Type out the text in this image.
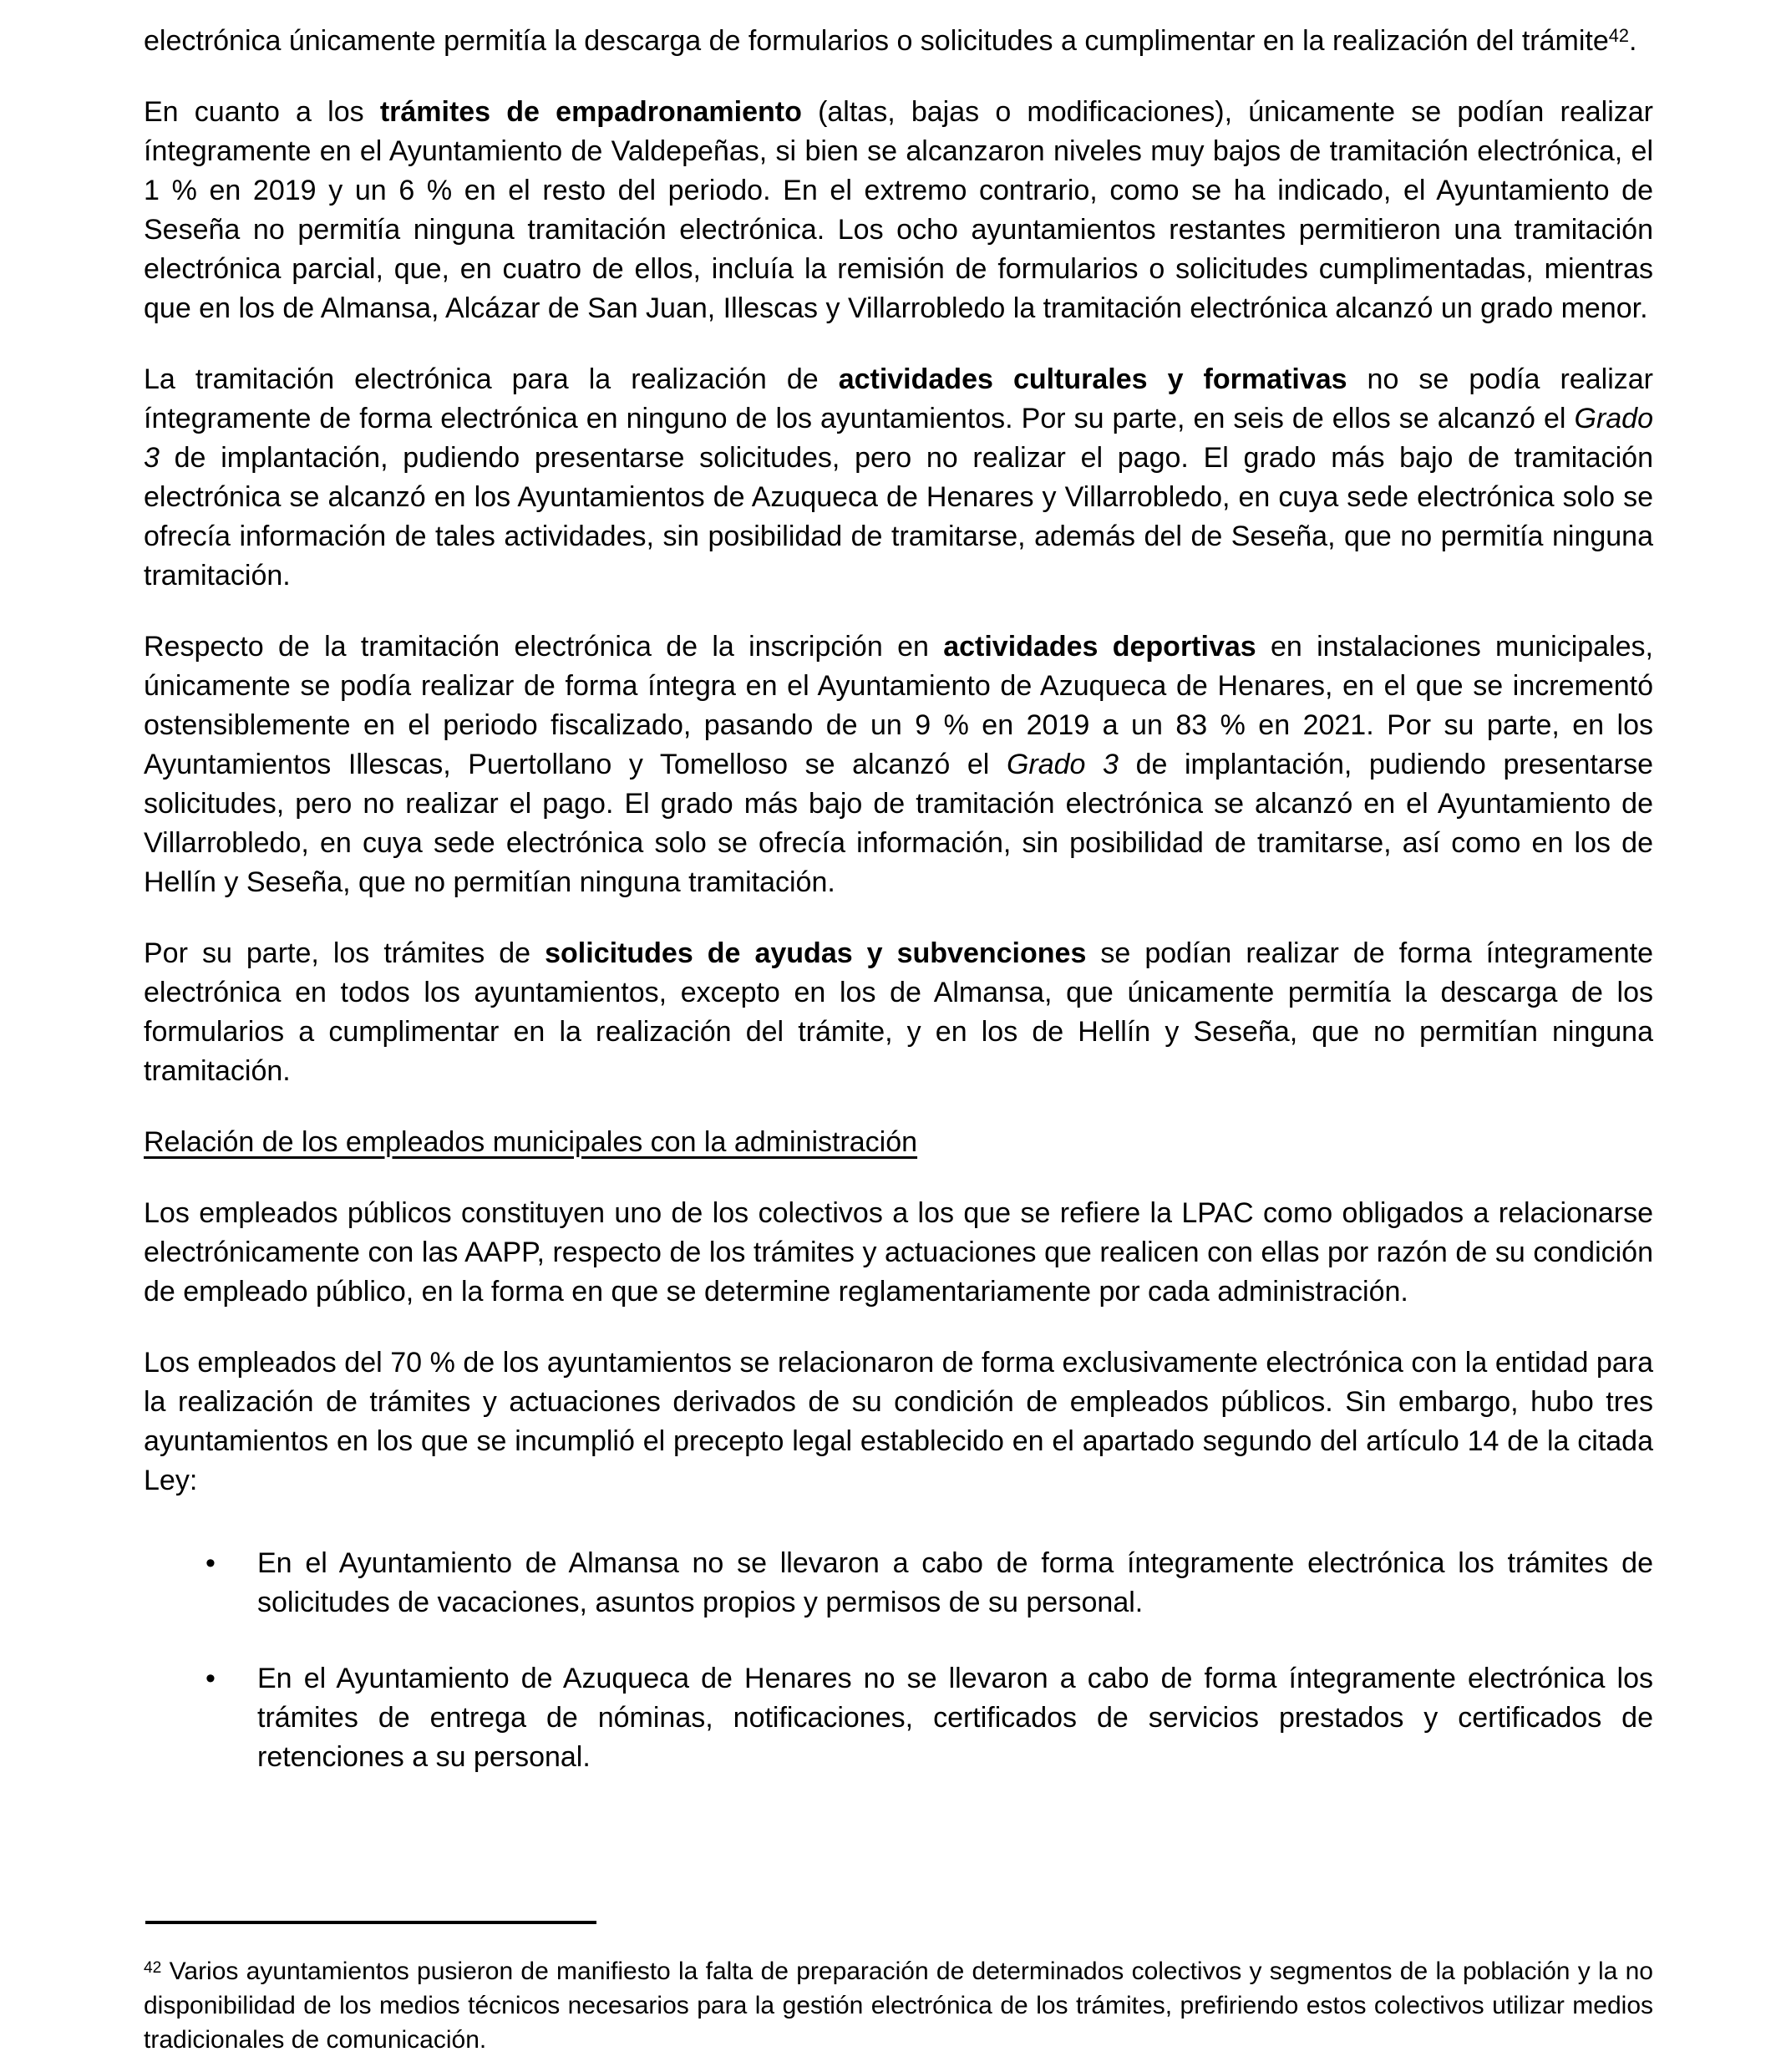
electrónica únicamente permitía la descarga de formularios o solicitudes a cumplimentar en la realización del trámite$^{42}$.

En cuanto a los trámites de empadronamiento (altas, bajas o modificaciones), únicamente se podían realizar íntegramente en el Ayuntamiento de Valdepeñas, si bien se alcanzaron niveles muy bajos de tramitación electrónica, el 1 % en 2019 y un 6 % en el resto del periodo. En el extremo contrario, como se ha indicado, el Ayuntamiento de Seseña no permitía ninguna tramitación electrónica. Los ocho ayuntamientos restantes permitieron una tramitación electrónica parcial, que, en cuatro de ellos, incluía la remisión de formularios o solicitudes cumplimentadas, mientras que en los de Almansa, Alcázar de San Juan, Illescas y Villarrobledo la tramitación electrónica alcanzó un grado menor.

La tramitación electrónica para la realización de actividades culturales y formativas no se podía realizar íntegramente de forma electrónica en ninguno de los ayuntamientos. Por su parte, en seis de ellos se alcanzó el Grado 3 de implantación, pudiendo presentarse solicitudes, pero no realizar el pago. El grado más bajo de tramitación electrónica se alcanzó en los Ayuntamientos de Azuqueca de Henares y Villarrobledo, en cuya sede electrónica solo se ofrecía información de tales actividades, sin posibilidad de tramitarse, además del de Seseña, que no permitía ninguna tramitación.

Respecto de la tramitación electrónica de la inscripción en actividades deportivas en instalaciones municipales, únicamente se podía realizar de forma íntegra en el Ayuntamiento de Azuqueca de Henares, en el que se incrementó ostensiblemente en el periodo fiscalizado, pasando de un 9 % en 2019 a un 83 % en 2021. Por su parte, en los Ayuntamientos Illescas, Puertollano y Tomelloso se alcanzó el Grado 3 de implantación, pudiendo presentarse solicitudes, pero no realizar el pago. El grado más bajo de tramitación electrónica se alcanzó en el Ayuntamiento de Villarrobledo, en cuya sede electrónica solo se ofrecía información, sin posibilidad de tramitarse, así como en los de Hellín y Seseña, que no permitían ninguna tramitación.

Por su parte, los trámites de solicitudes de ayudas y subvenciones se podían realizar de forma íntegramente electrónica en todos los ayuntamientos, excepto en los de Almansa, que únicamente permitía la descarga de los formularios a cumplimentar en la realización del trámite, y en los de Hellín y Seseña, que no permitían ninguna tramitación.

Relación de los empleados municipales con la administración

Los empleados públicos constituyen uno de los colectivos a los que se refiere la LPAC como obligados a relacionarse electrónicamente con las AAPP, respecto de los trámites y actuaciones que realicen con ellas por razón de su condición de empleado público, en la forma en que se determine reglamentariamente por cada administración.

Los empleados del 70 % de los ayuntamientos se relacionaron de forma exclusivamente electrónica con la entidad para la realización de trámites y actuaciones derivados de su condición de empleados públicos. Sin embargo, hubo tres ayuntamientos en los que se incumplió el precepto legal establecido en el apartado segundo del artículo 14 de la citada Ley:

•	En el Ayuntamiento de Almansa no se llevaron a cabo de forma íntegramente electrónica los trámites de solicitudes de vacaciones, asuntos propios y permisos de su personal.
•	En el Ayuntamiento de Azuqueca de Henares no se llevaron a cabo de forma íntegramente electrónica los trámites de entrega de nóminas, notificaciones, certificados de servicios prestados y certificados de retenciones a su personal.

$^{42}$ Varios ayuntamientos pusieron de manifiesto la falta de preparación de determinados colectivos y segmentos de la población y la no disponibilidad de los medios técnicos necesarios para la gestión electrónica de los trámites, prefiriendo estos colectivos utilizar medios tradicionales de comunicación.
